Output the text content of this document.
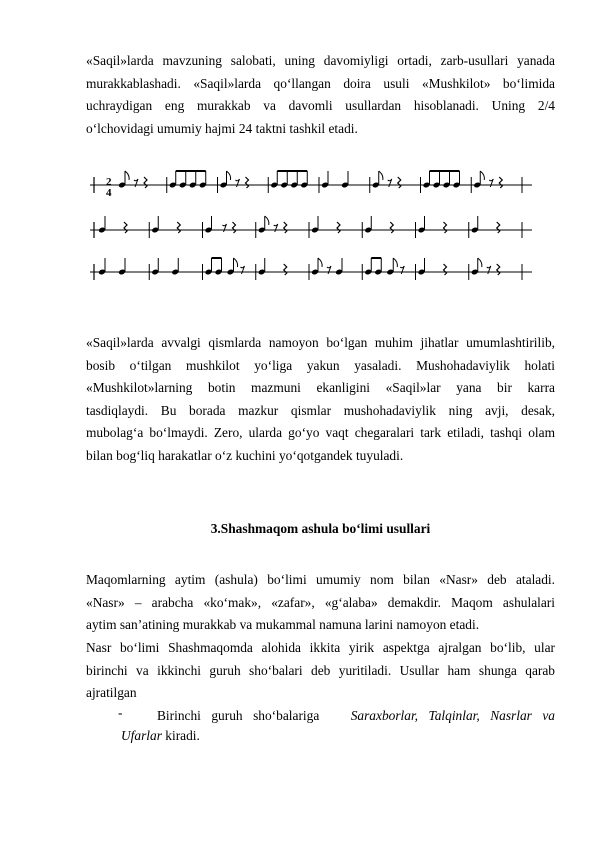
«Saqil»larda mavzuning salobati, uning davomiyligi ortadi, zarb-usullari yanada
murakkablashadi. «Saqil»larda qo‘llangan doira usuli «Mushkilot» bo‘limida
uchraydigan eng murakkab va davomli usullardan hisoblanadi. Uning 2/4
o‘lchovidagi umumiy hajmi 24 taktni tashkil etadi.
2
4
«Saqil»larda avvalgi qismlarda namoyon bo‘lgan muhim jihatlar umumlashtirilib,
bosib o‘tilgan mushkilot yo‘liga yakun yasaladi. Mushohadaviylik holati
«Mushkilot»larning botin mazmuni ekanligini «Saqil»lar yana bir karra
tasdiqlaydi. Bu borada mazkur qismlar mushohadaviylik ning avji, desak,
mubolag‘a bo‘lmaydi. Zero, ularda go‘yo vaqt chegaralari tark etiladi, tashqi olam
bilan bog‘liq harakatlar o‘z kuchini yo‘qotgandek tuyuladi.
3.Shashmaqom ashula bo‘limi usullari
Maqomlarning aytim (ashula) bo‘limi umumiy nom bilan «Nasr» deb ataladi.
«Nasr» – arabcha «ko‘mak», «zafar», «g‘alaba» demakdir. Maqom ashulalari
aytim san’atining murakkab va mukammal namuna larini namoyon etadi.
Nasr bo‘limi Shashmaqomda alohida ikkita yirik aspektga ajralgan bo‘lib, ular
birinchi va ikkinchi guruh sho‘balari deb yuritiladi. Usullar ham shunga qarab
ajratilgan
-	Birinchi guruh sho‘balariga Saraxborlar, Talqinlar, Nasrlar va
Ufarlar kiradi.
